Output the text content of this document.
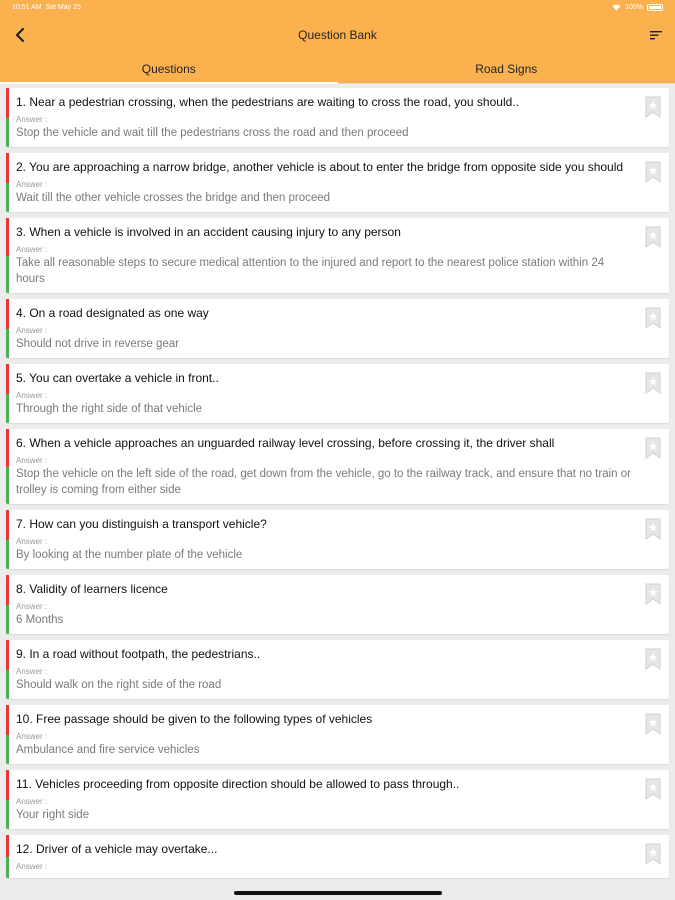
10:51 AM Sat May 25	100%
Question Bank
Questions	Road Signs
1. Near a pedestrian crossing, when the pedestrians are waiting to cross the road, you should..
Answer :
Stop the vehicle and wait till the pedestrians cross the road and then proceed
2. You are approaching a narrow bridge, another vehicle is about to enter the bridge from opposite side you should
Answer :
Wait till the other vehicle crosses the bridge and then proceed
3. When a vehicle is involved in an accident causing injury to any person
Answer :
Take all reasonable steps to secure medical attention to the injured and report to the nearest police station within 24 hours
4. On a road designated as one way
Answer :
Should not drive in reverse gear
5. You can overtake a vehicle in front..
Answer :
Through the right side of that vehicle
6. When a vehicle approaches an unguarded railway level crossing, before crossing it, the driver shall
Answer :
Stop the vehicle on the left side of the road, get down from the vehicle, go to the railway track, and ensure that no train or trolley is coming from either side
7. How can you distinguish a transport vehicle?
Answer :
By looking at the number plate of the vehicle
8. Validity of learners licence
Answer :
6 Months
9. In a road without footpath, the pedestrians..
Answer :
Should walk on the right side of the road
10. Free passage should be given to the following types of vehicles
Answer :
Ambulance and fire service vehicles
11. Vehicles proceeding from opposite direction should be allowed to pass through..
Answer :
Your right side
12. Driver of a vehicle may overtake...
Answer :
